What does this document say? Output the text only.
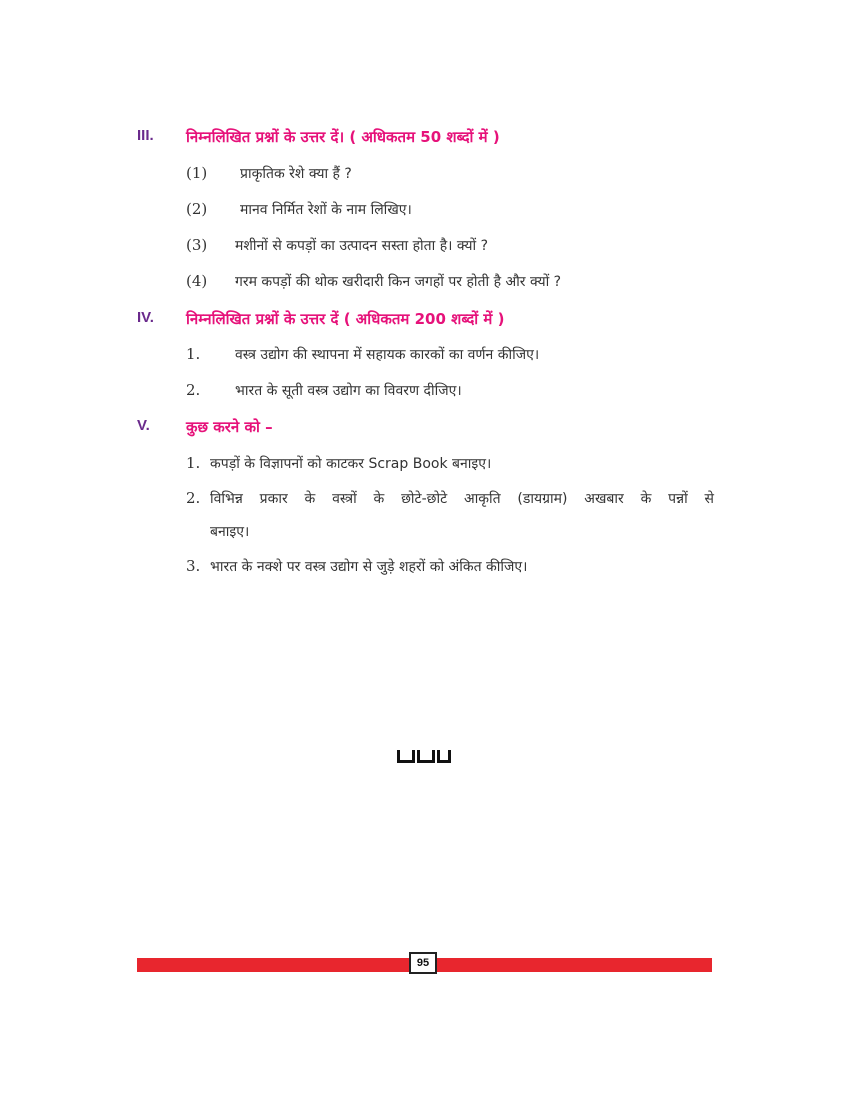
III. निम्नलिखित प्रश्नों के उत्तर दें। ( अधिकतम 50 शब्दों में )
(1) प्राकृतिक रेशे क्या हैं ?
(2) मानव निर्मित रेशों के नाम लिखिए।
(3) मशीनों से कपड़ों का उत्पादन सस्ता होता है। क्यों ?
(4) गरम कपड़ों की थोक खरीदारी किन जगहों पर होती है और क्यों ?
IV. निम्नलिखित प्रश्नों के उत्तर दें ( अधिकतम 200 शब्दों में )
1. वस्त्र उद्योग की स्थापना में सहायक कारकों का वर्णन कीजिए।
2. भारत के सूती वस्त्र उद्योग का विवरण दीजिए।
V. कुछ करने को –
1. कपड़ों के विज्ञापनों को काटकर Scrap Book बनाइए।
2. विभिन्न प्रकार के वस्त्रों के छोटे-छोटे आकृति (डायग्राम) अखबार के पन्नों से
बनाइए।
3. भारत के नक्शे पर वस्त्र उद्योग से जुड़े शहरों को अंकित कीजिए।
95
